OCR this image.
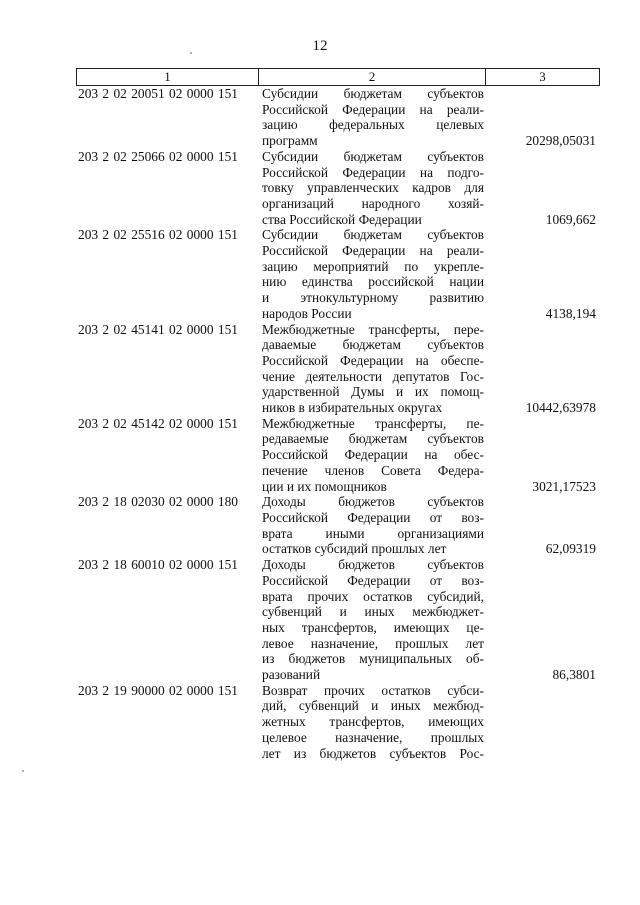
12
1	2	3
203 2 02 20051 02 0000 151	Субсидии бюджетам субъектов
Российской Федерации на реали-
зацию федеральных целевых
программ	20298,05031
203 2 02 25066 02 0000 151	Субсидии бюджетам субъектов
Российской Федерации на подго-
товку управленческих кадров для
организаций народного хозяй-
ства Российской Федерации	1069,662
203 2 02 25516 02 0000 151	Субсидии бюджетам субъектов
Российской Федерации на реали-
зацию мероприятий по укрепле-
нию единства российской нации
и этнокультурному развитию
народов России	4138,194
203 2 02 45141 02 0000 151	Межбюджетные трансферты, пере-
даваемые бюджетам субъектов
Российской Федерации на обеспе-
чение деятельности депутатов Гос-
ударственной Думы и их помощ-
ников в избирательных округах	10442,63978
203 2 02 45142 02 0000 151	Межбюджетные трансферты, пе-
редаваемые бюджетам субъектов
Российской Федерации на обес-
печение членов Совета Федера-
ции и их помощников	3021,17523
203 2 18 02030 02 0000 180	Доходы бюджетов субъектов
Российской Федерации от воз-
врата иными организациями
остатков субсидий прошлых лет	62,09319
203 2 18 60010 02 0000 151	Доходы бюджетов субъектов
Российской Федерации от воз-
врата прочих остатков субсидий,
субвенций и иных межбюджет-
ных трансфертов, имеющих це-
левое назначение, прошлых лет
из бюджетов муниципальных об-
разований	86,3801
203 2 19 90000 02 0000 151	Возврат прочих остатков субси-
дий, субвенций и иных межбюд-
жетных трансфертов, имеющих
целевое назначение, прошлых
лет из бюджетов субъектов Рос-
